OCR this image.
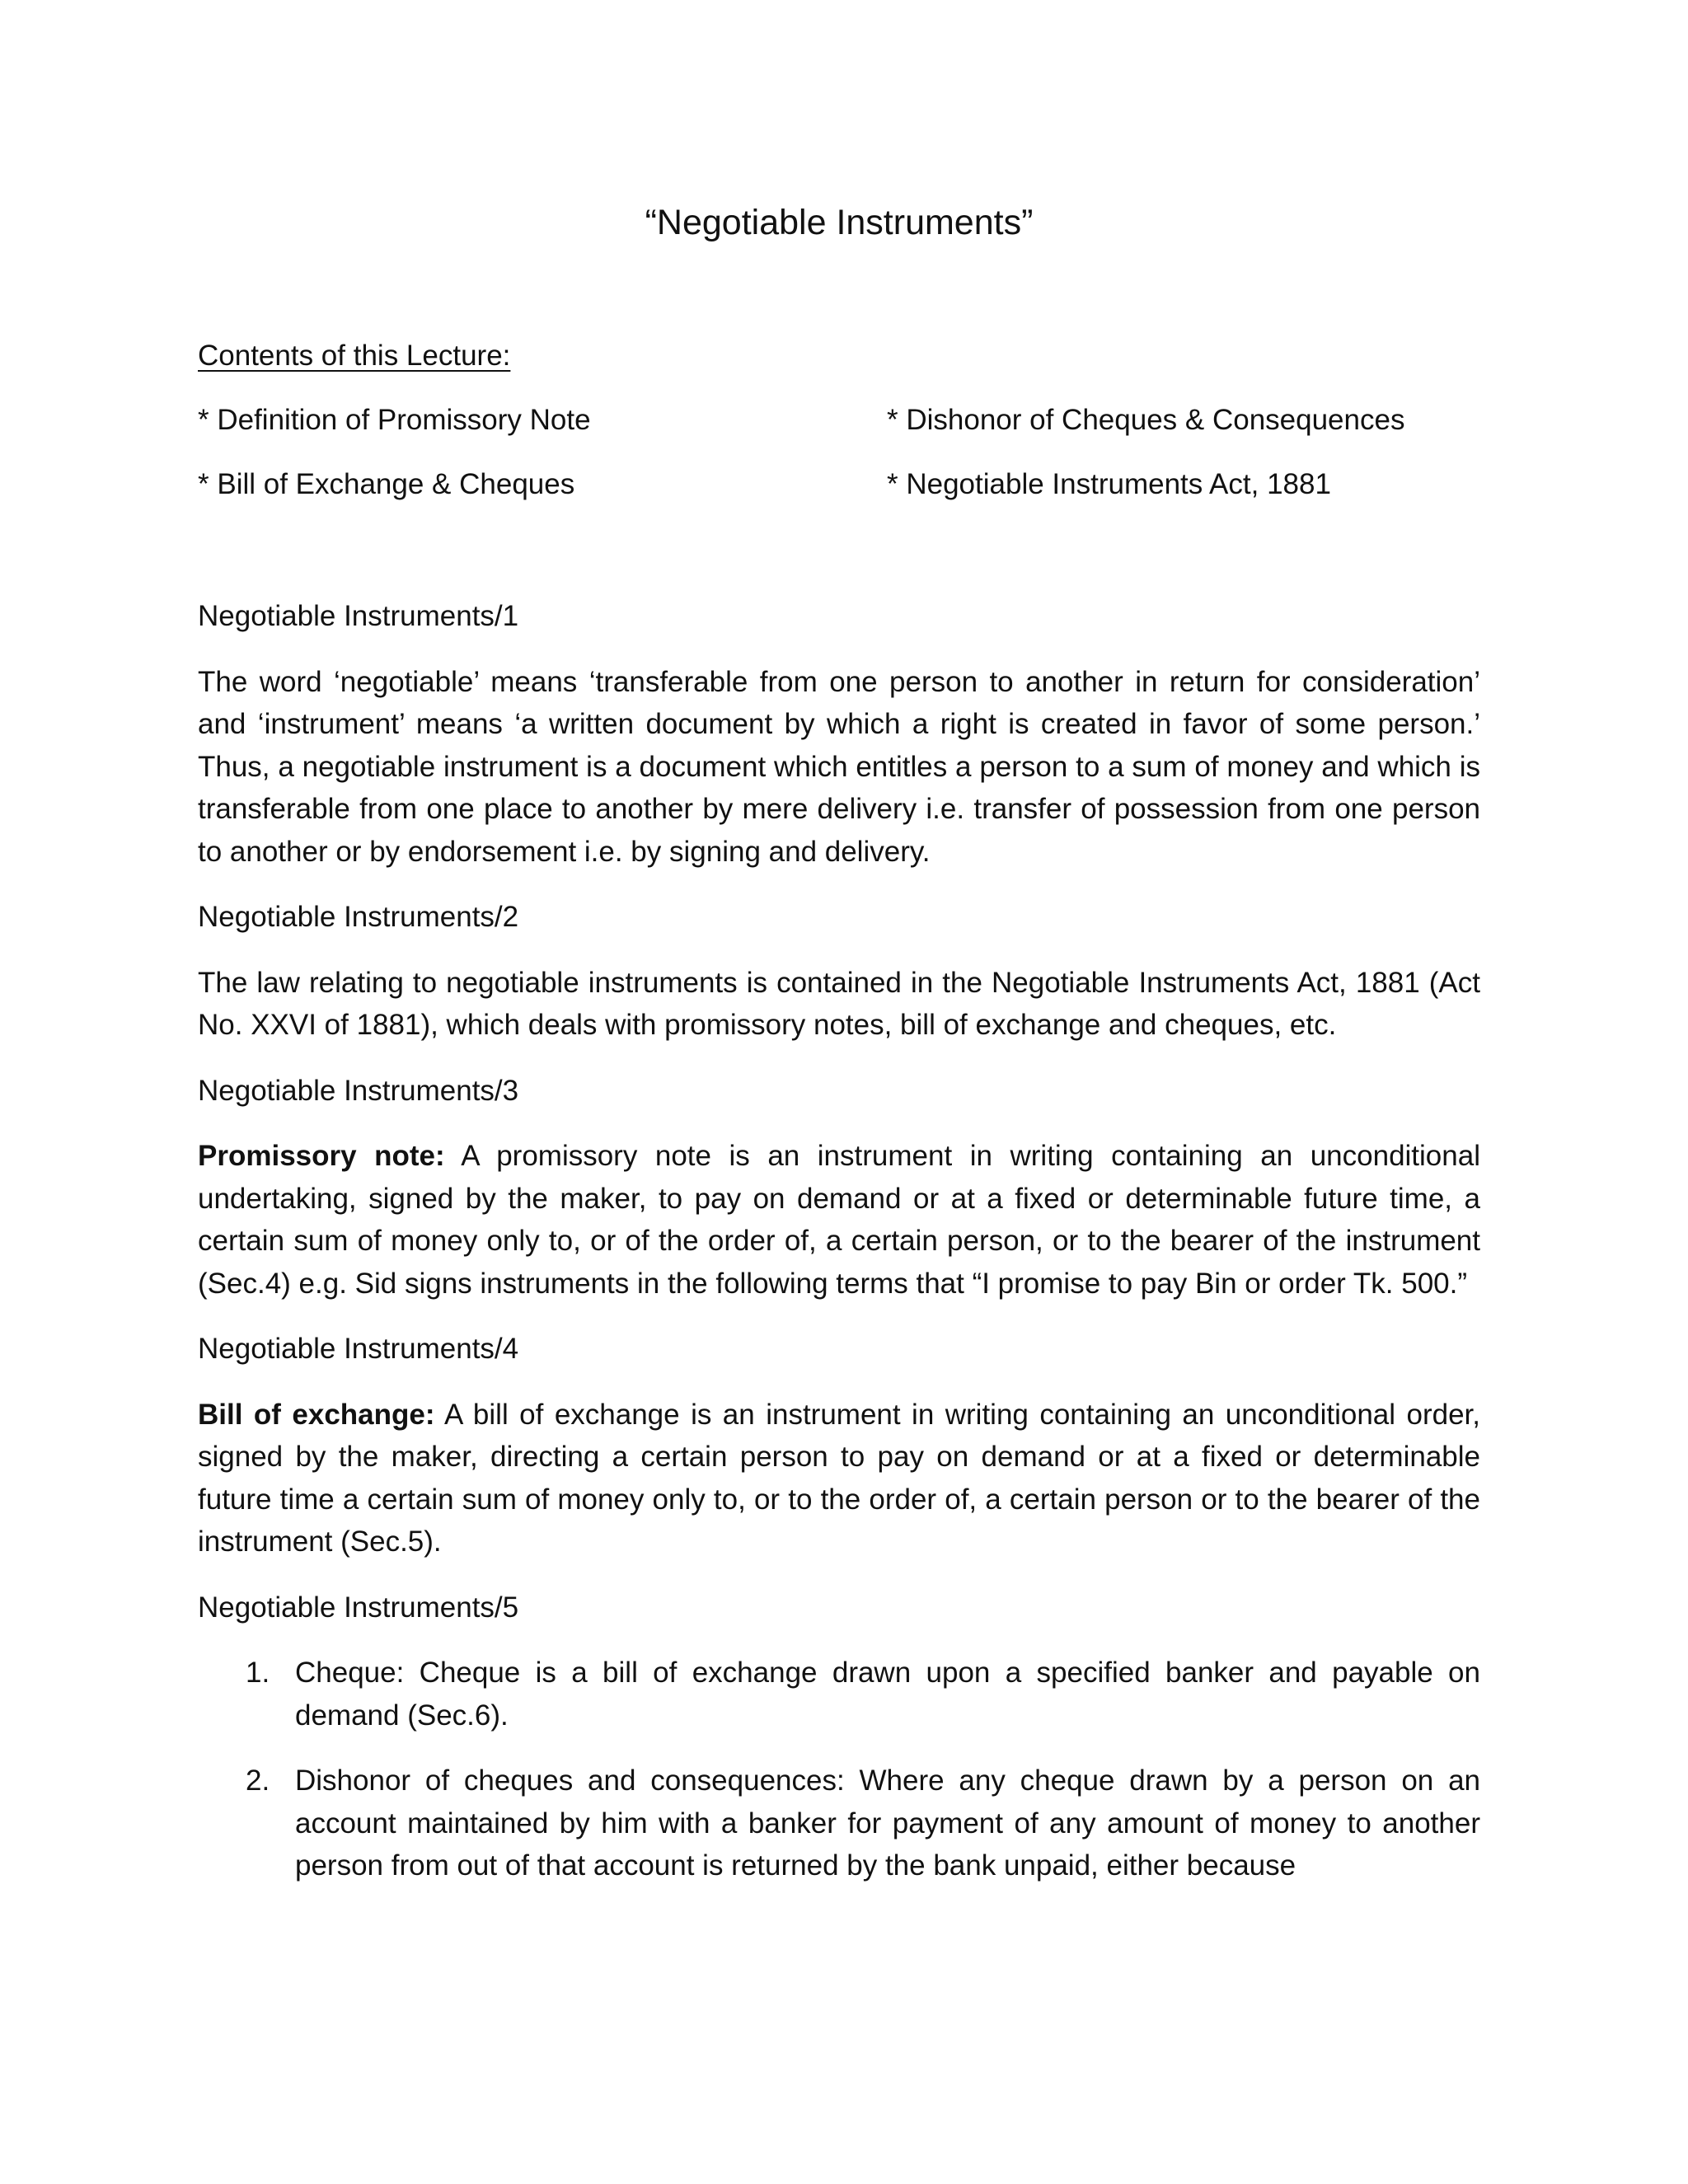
“Negotiable Instruments”

Contents of this Lecture:

* Definition of Promissory Note	* Dishonor of Cheques & Consequences
* Bill of Exchange & Cheques	* Negotiable Instruments Act, 1881

Negotiable Instruments/1

The word ‘negotiable’ means ‘transferable from one person to another in return for consideration’ and ‘instrument’ means ‘a written document by which a right is created in favor of some person.’ Thus, a negotiable instrument is a document which entitles a person to a sum of money and which is transferable from one place to another by mere delivery i.e. transfer of possession from one person to another or by endorsement i.e. by signing and delivery.

Negotiable Instruments/2

The law relating to negotiable instruments is contained in the Negotiable Instruments Act, 1881 (Act No. XXVI of 1881), which deals with promissory notes, bill of exchange and cheques, etc.

Negotiable Instruments/3

Promissory note: A promissory note is an instrument in writing containing an unconditional undertaking, signed by the maker, to pay on demand or at a fixed or determinable future time, a certain sum of money only to, or of the order of, a certain person, or to the bearer of the instrument (Sec.4) e.g. Sid signs instruments in the following terms that “I promise to pay Bin or order Tk. 500.”

Negotiable Instruments/4

Bill of exchange: A bill of exchange is an instrument in writing containing an unconditional order, signed by the maker, directing a certain person to pay on demand or at a fixed or determinable future time a certain sum of money only to, or to the order of, a certain person or to the bearer of the instrument (Sec.5).

Negotiable Instruments/5

1. Cheque: Cheque is a bill of exchange drawn upon a specified banker and payable on demand (Sec.6).
2. Dishonor of cheques and consequences: Where any cheque drawn by a person on an account maintained by him with a banker for payment of any amount of money to another person from out of that account is returned by the bank unpaid, either because
